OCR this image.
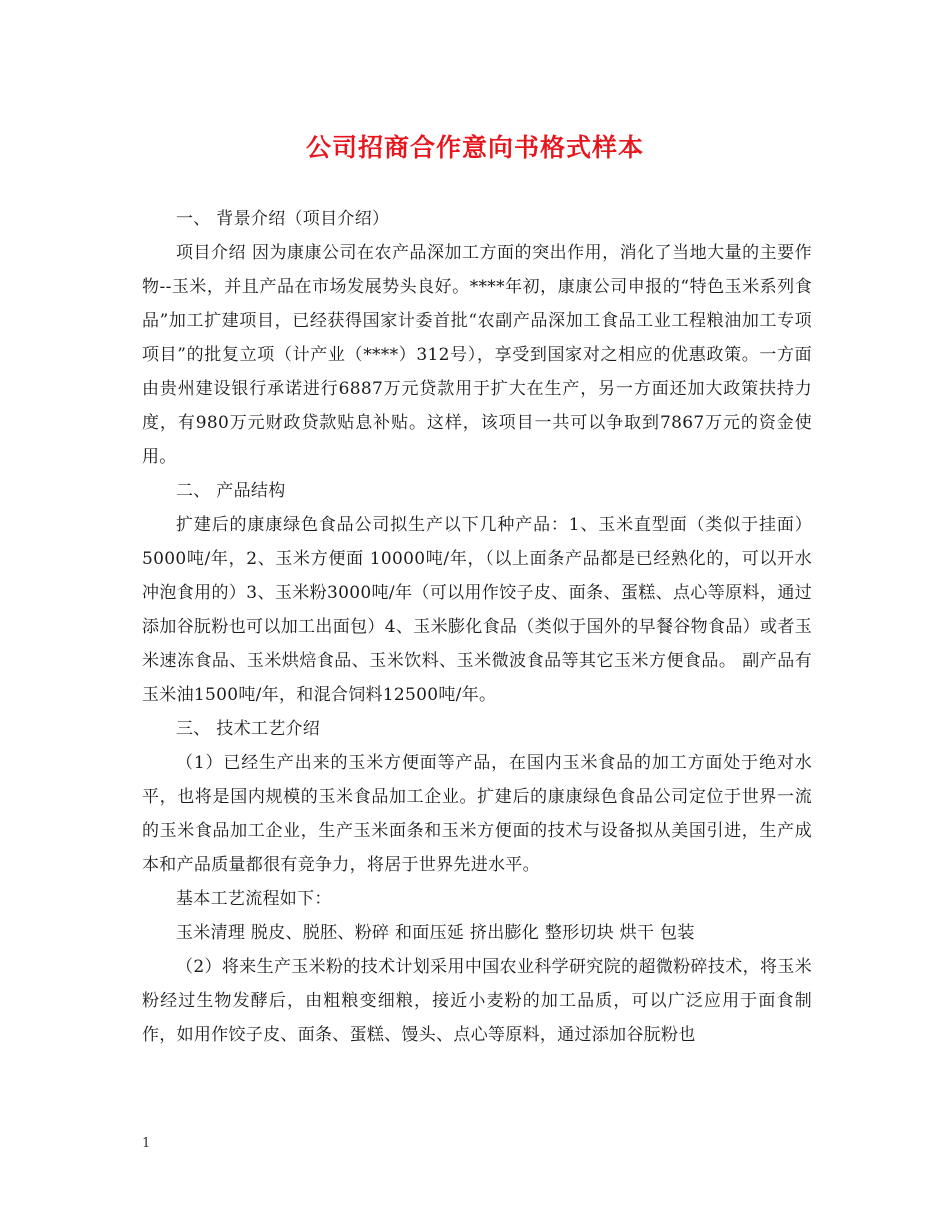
公司招商合作意向书格式样本

一、 背景介绍（项目介绍）

项目介绍 因为康康公司在农产品深加工方面的突出作用，消化了当地大量的主要作物--玉米，并且产品在市场发展势头良好。****年初，康康公司申报的“特色玉米系列食品”加工扩建项目，已经获得国家计委首批“农副产品深加工食品工业工程粮油加工专项项目”的批复立项（计产业（****）312号），享受到国家对之相应的优惠政策。一方面由贵州建设银行承诺进行6887万元贷款用于扩大在生产，另一方面还加大政策扶持力度，有980万元财政贷款贴息补贴。这样，该项目一共可以争取到7867万元的资金使用。

二、 产品结构

扩建后的康康绿色食品公司拟生产以下几种产品：1、玉米直型面（类似于挂面）5000吨/年，2、玉米方便面 10000吨/年，（以上面条产品都是已经熟化的，可以开水冲泡食用的）3、玉米粉3000吨/年（可以用作饺子皮、面条、蛋糕、点心等原料，通过添加谷朊粉也可以加工出面包）4、玉米膨化食品（类似于国外的早餐谷物食品）或者玉米速冻食品、玉米烘焙食品、玉米饮料、玉米微波食品等其它玉米方便食品。 副产品有玉米油1500吨/年，和混合饲料12500吨/年。

三、 技术工艺介绍

（1）已经生产出来的玉米方便面等产品，在国内玉米食品的加工方面处于绝对水平，也将是国内规模的玉米食品加工企业。扩建后的康康绿色食品公司定位于世界一流的玉米食品加工企业，生产玉米面条和玉米方便面的技术与设备拟从美国引进，生产成本和产品质量都很有竞争力，将居于世界先进水平。

基本工艺流程如下：

玉米清理 脱皮、脱胚、粉碎 和面压延 挤出膨化 整形切块 烘干 包装

（2）将来生产玉米粉的技术计划采用中国农业科学研究院的超微粉碎技术，将玉米粉经过生物发酵后，由粗粮变细粮，接近小麦粉的加工品质，可以广泛应用于面食制作，如用作饺子皮、面条、蛋糕、馒头、点心等原料，通过添加谷朊粉也

1
